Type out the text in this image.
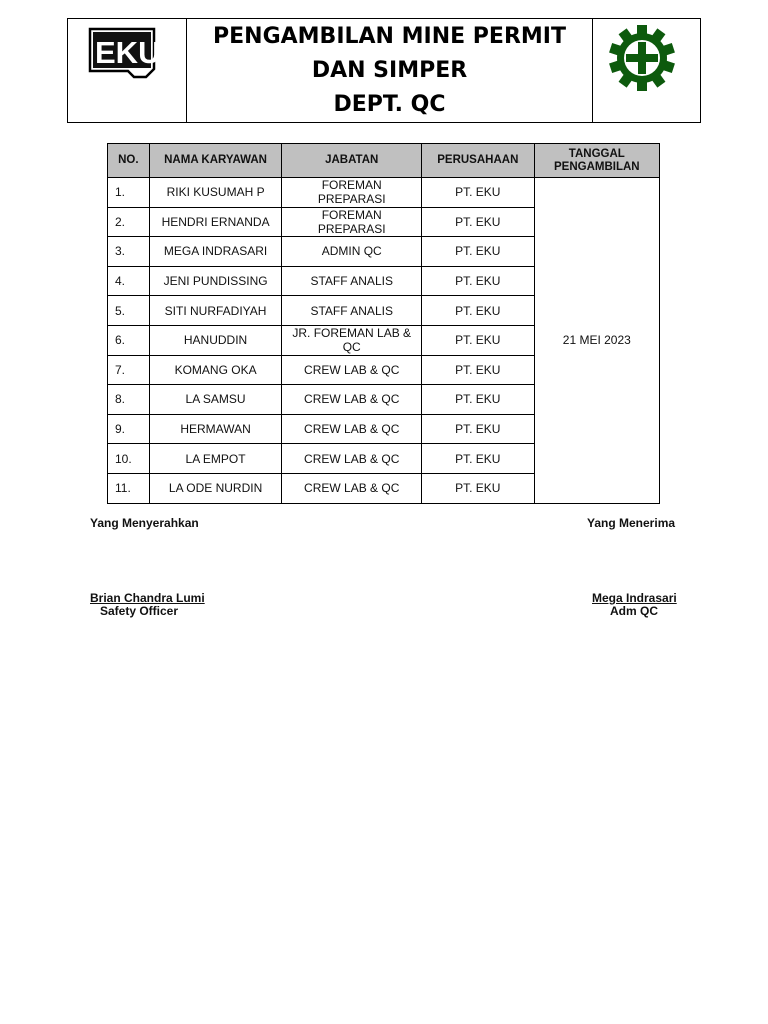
EKU PENGAMBILAN MINE PERMIT
DAN SIMPER
DEPT. QC
NO.	NAMA KARYAWAN	JABATAN	PERUSAHAAN	TANGGAL PENGAMBILAN
1.	RIKI KUSUMAH P	FOREMAN PREPARASI	PT. EKU	21 MEI 2023
2.	HENDRI ERNANDA	FOREMAN PREPARASI	PT. EKU	
3.	MEGA INDRASARI	ADMIN QC	PT. EKU	
4.	JENI PUNDISSING	STAFF ANALIS	PT. EKU	
5.	SITI NURFADIYAH	STAFF ANALIS	PT. EKU	
6.	HANUDDIN	JR. FOREMAN LAB & QC	PT. EKU	
7.	KOMANG OKA	CREW LAB & QC	PT. EKU	
8.	LA SAMSU	CREW LAB & QC	PT. EKU	
9.	HERMAWAN	CREW LAB & QC	PT. EKU	
10.	LA EMPOT	CREW LAB & QC	PT. EKU	
11.	LA ODE NURDIN	CREW LAB & QC	PT. EKU	
Yang Menyerahkan
Brian Chandra Lumi
Safety Officer
Yang Menerima
Mega Indrasari
Adm QC
